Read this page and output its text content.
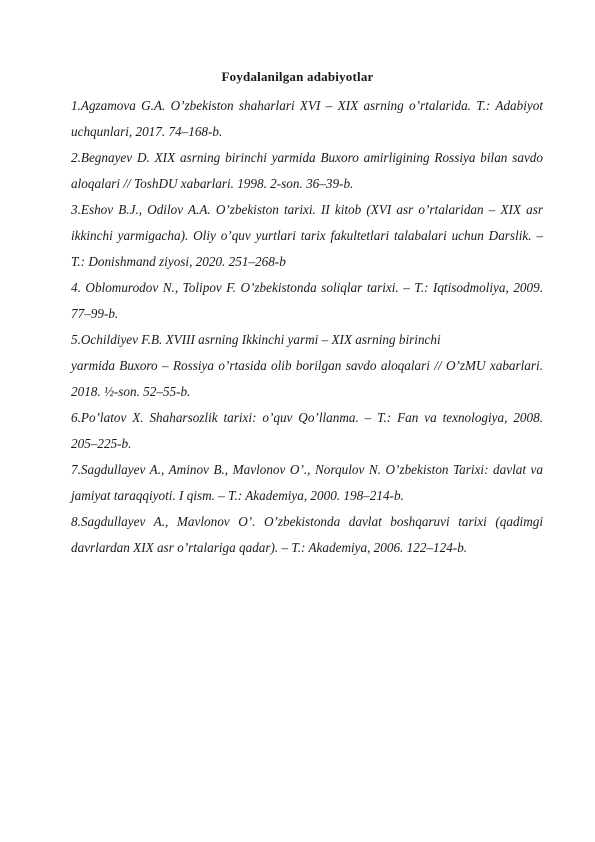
Foydalanilgan adabiyotlar

1.Agzamova G.A. O’zbekiston shaharlari XVI – XIX asrning o’rtalarida. T.: Adabiyot uchqunlari, 2017. 74–168-b.

2.Begnayev D. XIX asrning birinchi yarmida Buxoro amirligining Rossiya bilan savdo aloqalari // ToshDU xabarlari. 1998. 2-son. 36–39-b.

3.Eshov B.J., Odilov A.A. O’zbekiston tarixi. II kitob (XVI asr o’rtalaridan – XIX asr ikkinchi yarmigacha). Oliy o’quv yurtlari tarix fakultetlari talabalari uchun Darslik. – T.: Donishmand ziyosi, 2020. 251–268-b

4. Oblomurodov N., Tolipov F. O’zbekistonda soliqlar tarixi. – T.: Iqtisodmoliya, 2009. 77–99-b.

5.Ochildiyev F.B. XVIII asrning Ikkinchi yarmi – XIX asrning birinchi

yarmida Buxoro – Rossiya o’rtasida olib borilgan savdo aloqalari // O’zMU xabarlari. 2018. ½-son. 52–55-b.

6.Po’latov X. Shaharsozlik tarixi: o’quv Qo’llanma. – T.: Fan va texnologiya, 2008. 205–225-b.

7.Sagdullayev A., Aminov B., Mavlonov O’., Norqulov N. O’zbekiston Tarixi: davlat va jamiyat taraqqiyoti. I qism. – T.: Akademiya, 2000. 198–214-b.

8.Sagdullayev A., Mavlonov O’. O’zbekistonda davlat boshqaruvi tarixi (qadimgi davrlardan XIX asr o’rtalariga qadar). – T.: Akademiya, 2006. 122–124-b.
